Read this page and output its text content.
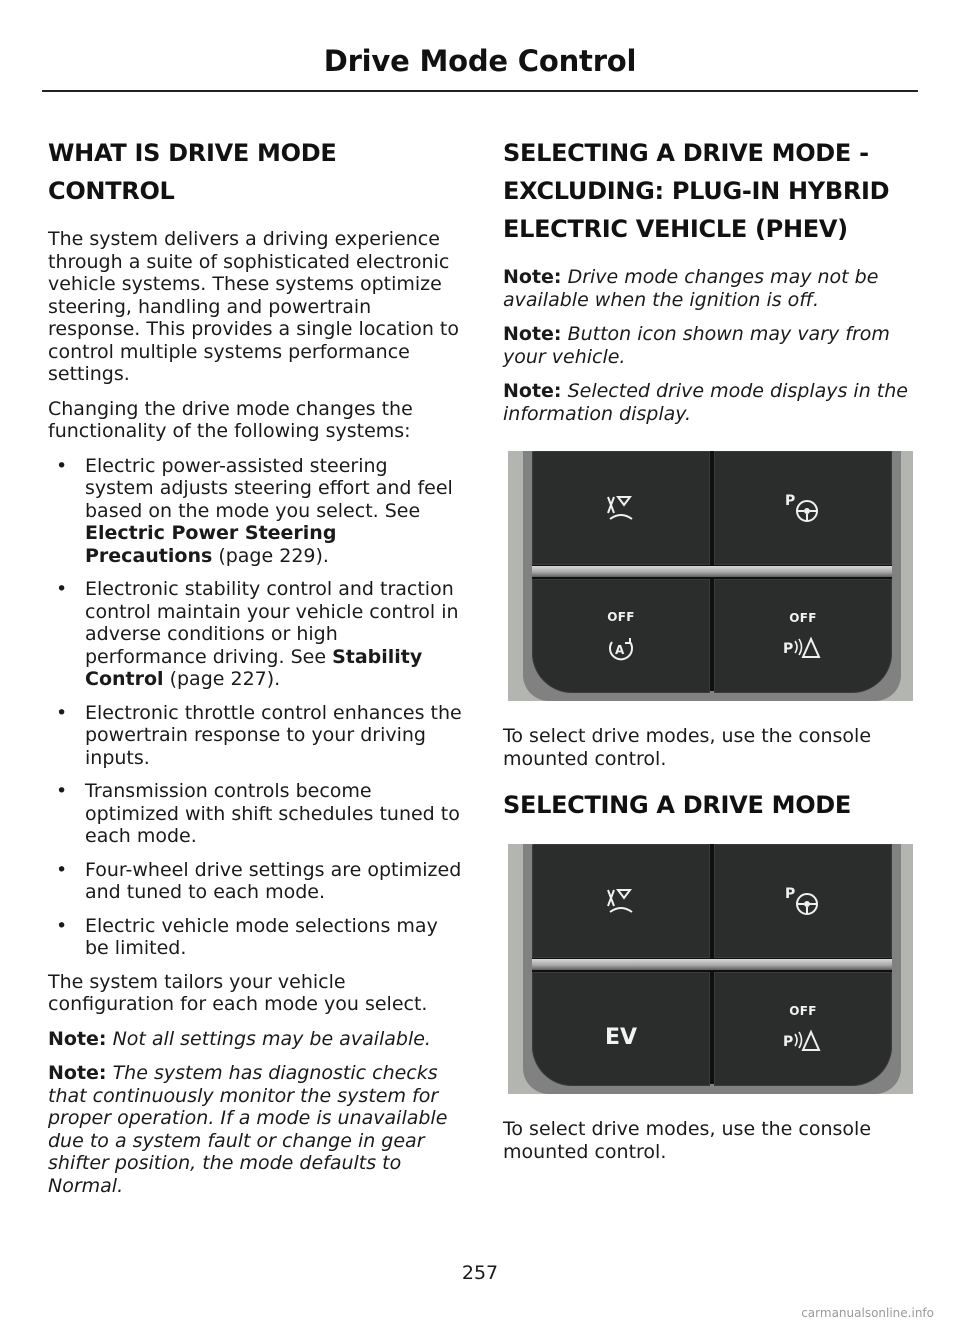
Drive Mode Control
WHAT IS DRIVE MODE
CONTROL

The system delivers a driving experience through a suite of sophisticated electronic vehicle systems. These systems optimize steering, handling and powertrain response. This provides a single location to control multiple systems performance settings.

Changing the drive mode changes the functionality of the following systems:

• Electric power-assisted steering system adjusts steering effort and feel based on the mode you select. See Electric Power Steering Precautions (page 229).
• Electronic stability control and traction control maintain your vehicle control in adverse conditions or high performance driving. See Stability Control (page 227).
• Electronic throttle control enhances the powertrain response to your driving inputs.
• Transmission controls become optimized with shift schedules tuned to each mode.
• Four-wheel drive settings are optimized and tuned to each mode.
• Electric vehicle mode selections may be limited.

The system tailors your vehicle configuration for each mode you select.

Note: Not all settings may be available.

Note: The system has diagnostic checks that continuously monitor the system for proper operation. If a mode is unavailable due to a system fault or change in gear shifter position, the mode defaults to Normal.

SELECTING A DRIVE MODE -
EXCLUDING: PLUG-IN HYBRID
ELECTRIC VEHICLE (PHEV)

Note: Drive mode changes may not be available when the ignition is off.

Note: Button icon shown may vary from your vehicle.

Note: Selected drive mode displays in the information display.

P
OFF
A
OFF
P

To select drive modes, use the console mounted control.

SELECTING A DRIVE MODE
P
EV
OFF
P

To select drive modes, use the console mounted control.

257
carmanualsonline.info
